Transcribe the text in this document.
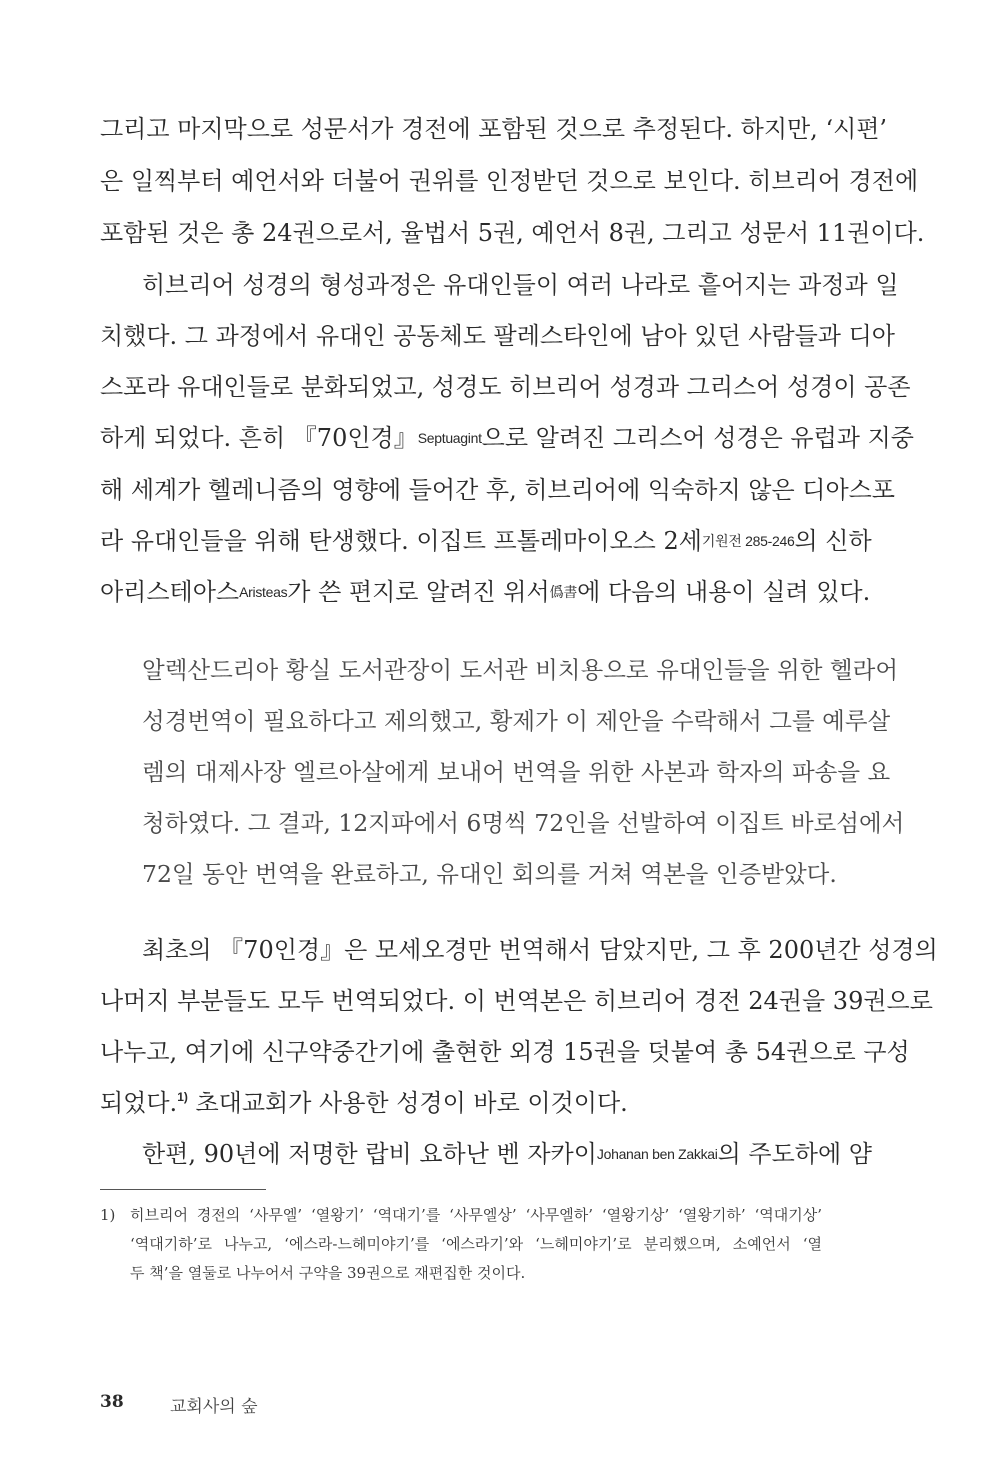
그리고 마지막으로 성문서가 경전에 포함된 것으로 추정된다. 하지만, ‘시편’
은 일찍부터 예언서와 더불어 권위를 인정받던 것으로 보인다. 히브리어 경전에
포함된 것은 총 24권으로서, 율법서 5권, 예언서 8권, 그리고 성문서 11권이다.
히브리어 성경의 형성과정은 유대인들이 여러 나라로 흩어지는 과정과 일
치했다. 그 과정에서 유대인 공동체도 팔레스타인에 남아 있던 사람들과 디아
스포라 유대인들로 분화되었고, 성경도 히브리어 성경과 그리스어 성경이 공존
하게 되었다. 흔히 『70인경』Septuagint으로 알려진 그리스어 성경은 유럽과 지중
해 세계가 헬레니즘의 영향에 들어간 후, 히브리어에 익숙하지 않은 디아스포
라 유대인들을 위해 탄생했다. 이집트 프톨레마이오스 2세기원전 285-246의 신하
아리스테아스Aristeas가 쓴 편지로 알려진 위서僞書에 다음의 내용이 실려 있다.
알렉산드리아 황실 도서관장이 도서관 비치용으로 유대인들을 위한 헬라어
성경번역이 필요하다고 제의했고, 황제가 이 제안을 수락해서 그를 예루살
렘의 대제사장 엘르아살에게 보내어 번역을 위한 사본과 학자의 파송을 요
청하였다. 그 결과, 12지파에서 6명씩 72인을 선발하여 이집트 바로섬에서
72일 동안 번역을 완료하고, 유대인 회의를 거쳐 역본을 인증받았다.
최초의 『70인경』은 모세오경만 번역해서 담았지만, 그 후 200년간 성경의
나머지 부분들도 모두 번역되었다. 이 번역본은 히브리어 경전 24권을 39권으로
나누고, 여기에 신구약중간기에 출현한 외경 15권을 덧붙여 총 54권으로 구성
되었다.$^{1)}$ 초대교회가 사용한 성경이 바로 이것이다.
한편, 90년에 저명한 랍비 요하난 벤 자카이Johanan ben Zakkai의 주도하에 얌
1) 히브리어 경전의 ‘사무엘’ ‘열왕기’ ‘역대기’를 ‘사무엘상’ ‘사무엘하’ ‘열왕기상’ ‘열왕기하’ ‘역대기상’
‘역대기하’로 나누고, ‘에스라-느헤미야기’를 ‘에스라기’와 ‘느헤미야기’로 분리했으며, 소예언서 ‘열
두 책’을 열둘로 나누어서 구약을 39권으로 재편집한 것이다.
38	교회사의 숲
